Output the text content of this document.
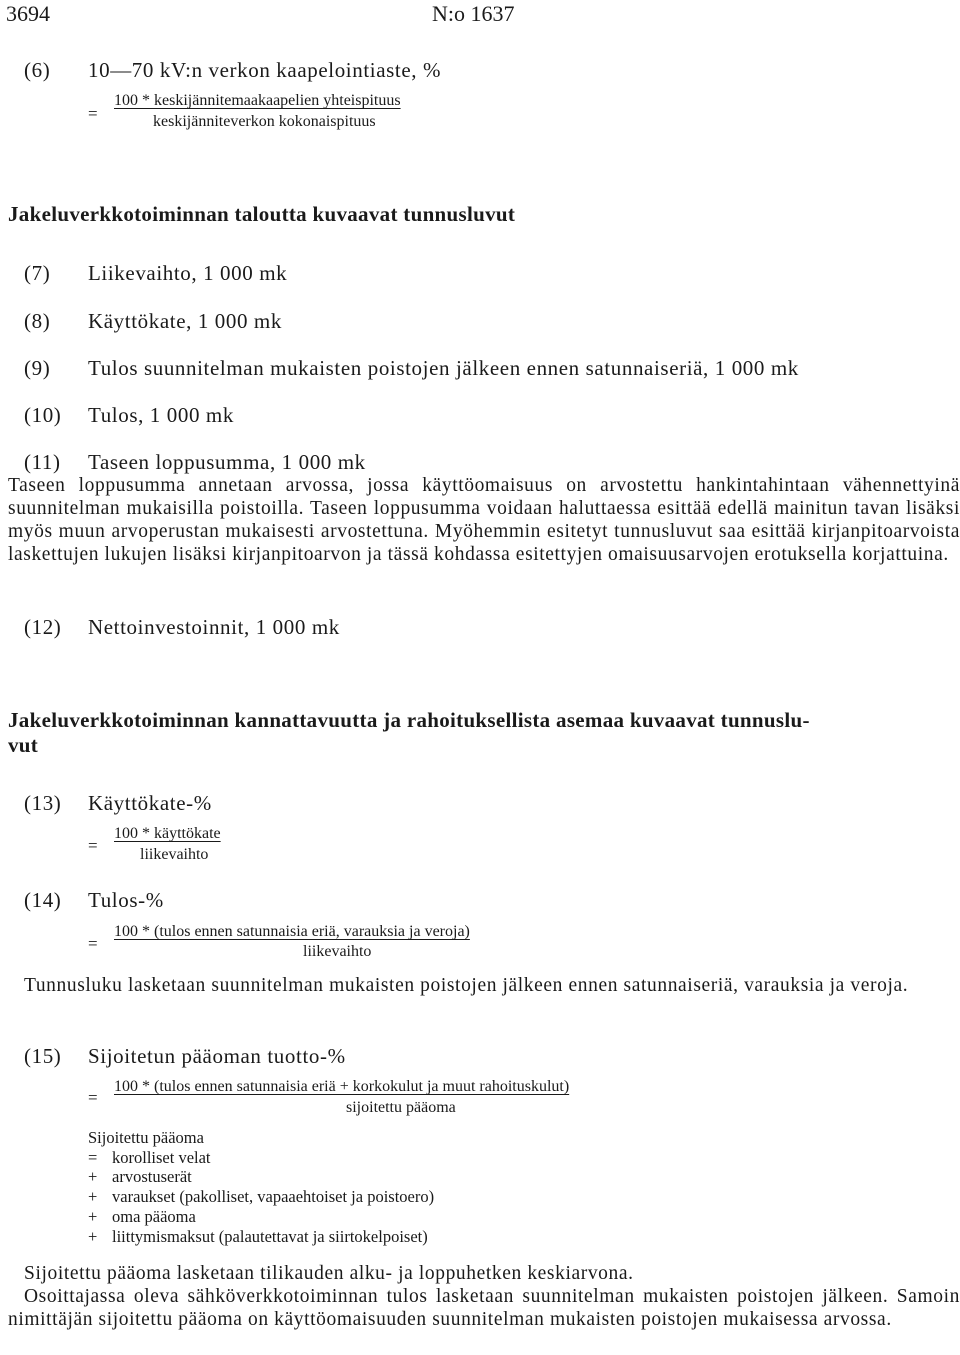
3694	N:o 1637
(6) 10—70 kV:n verkon kaapelointiaste, %
=
100 * keskijännitemaakaapelien yhteispituus
keskijänniteverkon kokonaispituus
Jakeluverkkotoiminnan taloutta kuvaavat tunnusluvut
(7) Liikevaihto, 1 000 mk
(8) Käyttökate, 1 000 mk
(9) Tulos suunnitelman mukaisten poistojen jälkeen ennen satunnaiseriä, 1 000 mk
(10) Tulos, 1 000 mk
(11) Taseen loppusumma, 1 000 mk
Taseen loppusumma annetaan arvossa, jossa käyttöomaisuus on arvostettu hankintahintaan vähennettyinä suunnitelman mukaisilla poistoilla. Taseen loppusumma voidaan haluttaessa esittää edellä mainitun tavan lisäksi myös muun arvoperustan mukaisesti arvostettuna. Myöhemmin esitetyt tunnusluvut saa esittää kirjanpitoarvoista laskettujen lukujen lisäksi kirjanpitoarvon ja tässä kohdassa esitettyjen omaisuusarvojen erotuksella korjattuina.
(12) Nettoinvestoinnit, 1 000 mk
Jakeluverkkotoiminnan kannattavuutta ja rahoituksellista asemaa kuvaavat tunnuslu-
vut
(13) Käyttökate-%
=
100 * käyttökate
liikevaihto
(14) Tulos-%
=
100 * (tulos ennen satunnaisia eriä, varauksia ja veroja)
liikevaihto
Tunnusluku lasketaan suunnitelman mukaisten poistojen jälkeen ennen satunnaiseriä, varauksia ja veroja.
(15) Sijoitetun pääoman tuotto-%
=
100 * (tulos ennen satunnaisia eriä + korkokulut ja muut rahoituskulut)
sijoitettu pääoma
Sijoitettu pääoma
= korolliset velat
+ arvostuserät
+ varaukset (pakolliset, vapaaehtoiset ja poistoero)
+ oma pääoma
+ liittymismaksut (palautettavat ja siirtokelpoiset)
Sijoitettu pääoma lasketaan tilikauden alku- ja loppuhetken keskiarvona.
Osoittajassa oleva sähköverkkotoiminnan tulos lasketaan suunnitelman mukaisten poistojen jälkeen. Samoin nimittäjän sijoitettu pääoma on käyttöomaisuuden suunnitelman mukaisten poistojen mukaisessa arvossa.
